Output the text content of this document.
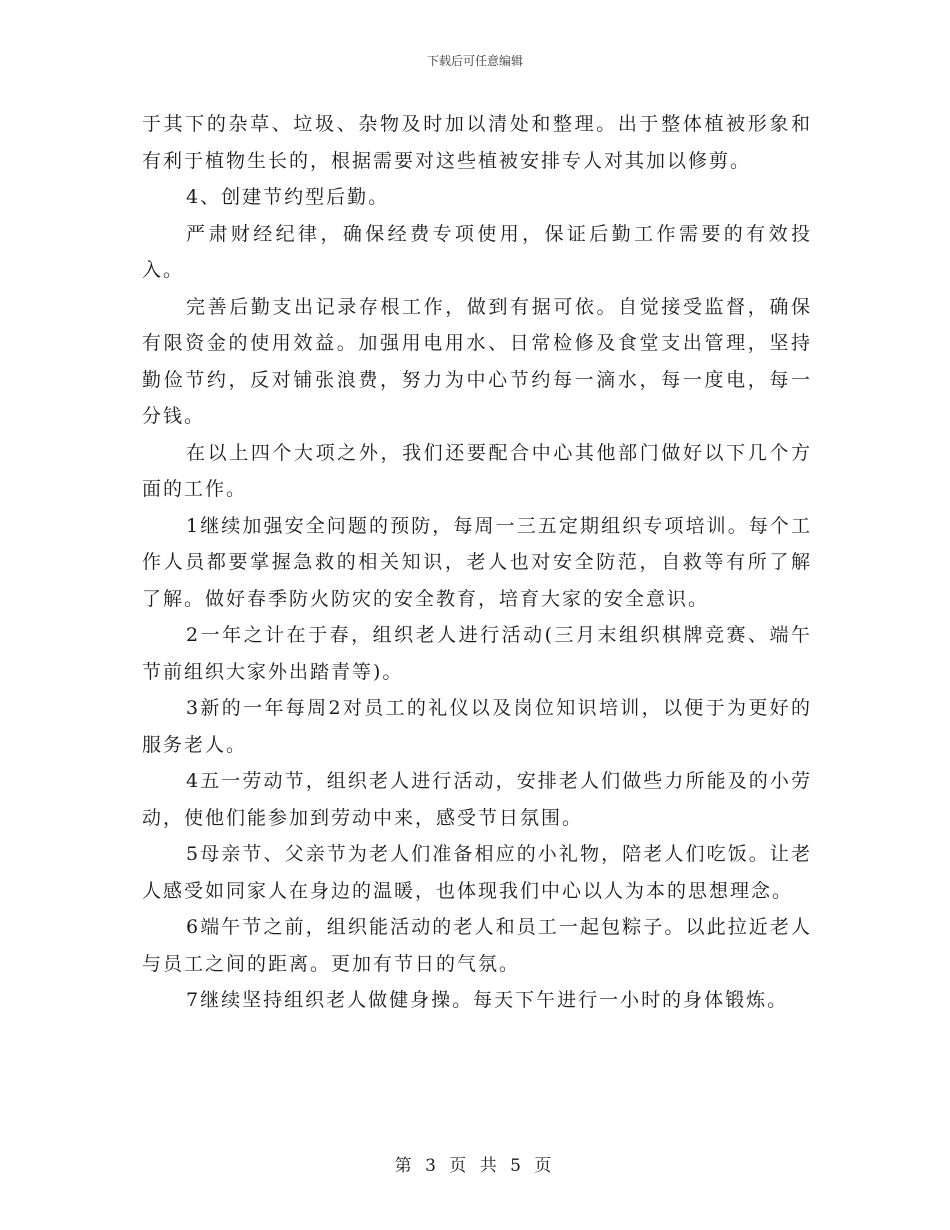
下载后可任意编辑

于其下的杂草、垃圾、杂物及时加以清处和整理。出于整体植被形象和有利于植物生长的，根据需要对这些植被安排专人对其加以修剪。

4、创建节约型后勤。

严肃财经纪律，确保经费专项使用，保证后勤工作需要的有效投入。

完善后勤支出记录存根工作，做到有据可依。自觉接受监督，确保有限资金的使用效益。加强用电用水、日常检修及食堂支出管理，坚持勤俭节约，反对铺张浪费，努力为中心节约每一滴水，每一度电，每一分钱。

在以上四个大项之外，我们还要配合中心其他部门做好以下几个方面的工作。

1继续加强安全问题的预防，每周一三五定期组织专项培训。每个工作人员都要掌握急救的相关知识，老人也对安全防范，自救等有所了解了解。做好春季防火防灾的安全教育，培育大家的安全意识。

2一年之计在于春，组织老人进行活动(三月末组织棋牌竞赛、端午节前组织大家外出踏青等)。

3新的一年每周2对员工的礼仪以及岗位知识培训，以便于为更好的服务老人。

4五一劳动节，组织老人进行活动，安排老人们做些力所能及的小劳动，使他们能参加到劳动中来，感受节日氛围。

5母亲节、父亲节为老人们准备相应的小礼物，陪老人们吃饭。让老人感受如同家人在身边的温暖，也体现我们中心以人为本的思想理念。

6端午节之前，组织能活动的老人和员工一起包粽子。以此拉近老人与员工之间的距离。更加有节日的气氛。

7继续坚持组织老人做健身操。每天下午进行一小时的身体锻炼。

第 3 页 共 5 页
